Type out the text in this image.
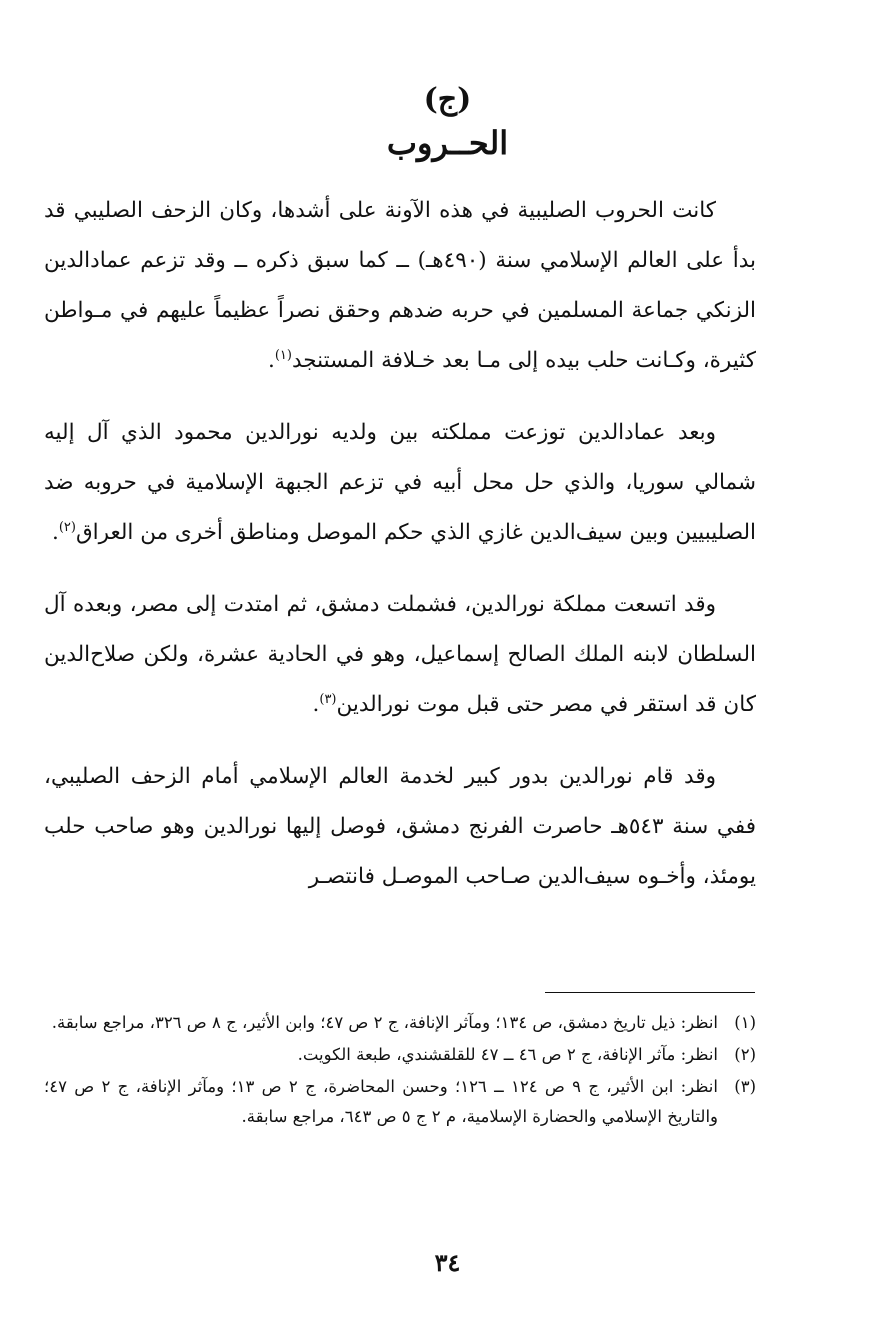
(ج)
الحــروب

كانت الحروب الصليبية في هذه الآونة على أشدها، وكان الزحف الصليبي قد بدأ على العالم الإسلامي سنة (٤٩٠هـ) ــ كما سبق ذكره ــ وقد تزعم عمادالدين الزنكي جماعة المسلمين في حربه ضدهم وحقق نصراً عظيماً عليهم في مـواطن كثيرة، وكـانت حلب بيده إلى مـا بعد خـلافة المستنجد$^{(١)}$.

وبعد عمادالدين توزعت مملكته بين ولديه نورالدين محمود الذي آل إليه شمالي سوريا، والذي حل محل أبيه في تزعم الجبهة الإسلامية في حروبه ضد الصليبيين وبين سيف‌الدين غازي الذي حكم الموصل ومناطق أخرى من العراق$^{(٢)}$.

وقد اتسعت مملكة نورالدين، فشملت دمشق، ثم امتدت إلى مصر، وبعده آل السلطان لابنه الملك الصالح إسماعيل، وهو في الحادية عشرة، ولكن صلاح‌الدين كان قد استقر في مصر حتى قبل موت نورالدين$^{(٣)}$.

وقد قام نورالدين بدور كبير لخدمة العالم الإسلامي أمام الزحف الصليبي، ففي سنة ٥٤٣هـ حاصرت الفرنج دمشق، فوصل إليها نورالدين وهو صاحب حلب يومئذ، وأخـوه سيف‌الدين صـاحب الموصـل فانتصـر

(١)
انظر: ذيل تاريخ دمشق، ص ١٣٤؛ ومآثر الإنافة، ج ٢ ص ٤٧؛ وابن الأثير، ج ٨ ص ٣٢٦، مراجع سابقة.
(٢)
انظر: مآثر الإنافة، ج ٢ ص ٤٦ ــ ٤٧ للقلقشندي، طبعة الكويت.
(٣)
انظر: ابن الأثير، ج ٩ ص ١٢٤ ــ ١٢٦؛ وحسن المحاضرة، ج ٢ ص ١٣؛ ومآثر الإنافة، ج ٢ ص ٤٧؛ والتاريخ الإسلامي والحضارة الإسلامية، م ٢ ج ٥ ص ٦٤٣، مراجع سابقة.
٣٤
